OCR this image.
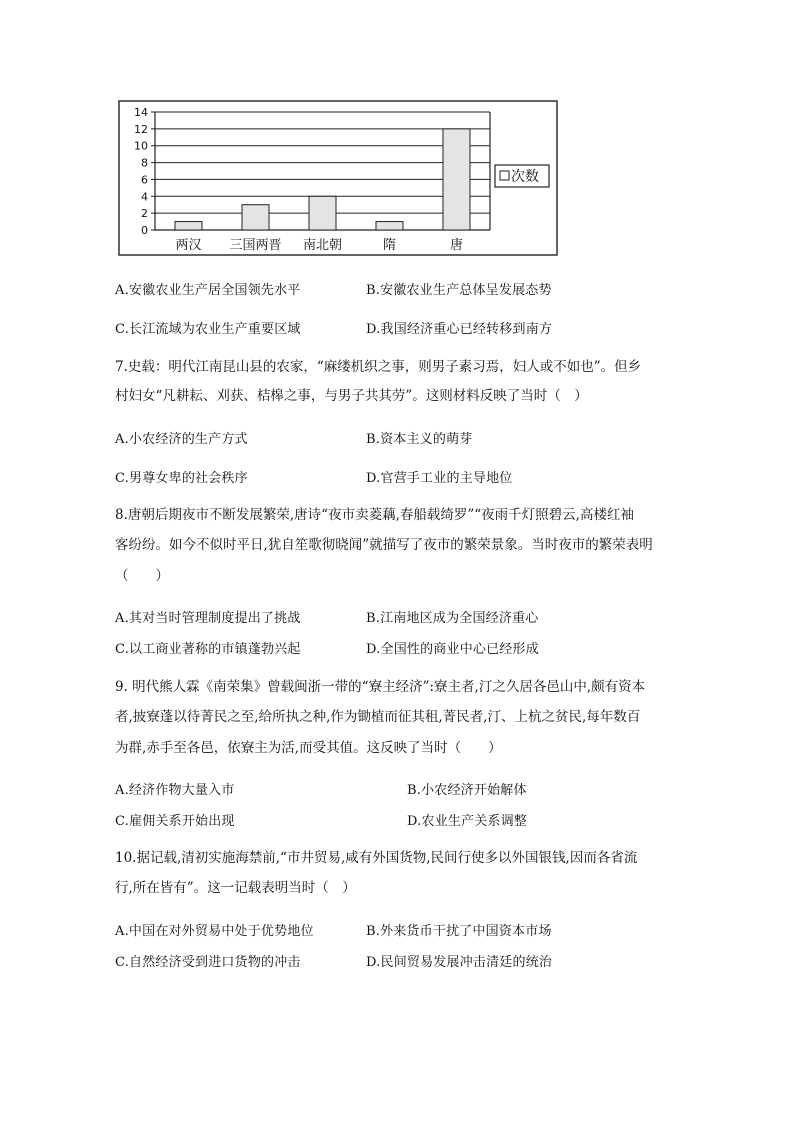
0
2
4
6
8
10
12
14
两汉 三国两晋 南北朝	隋	唐
次数
A.安徽农业生产居全国领先水平	B.安徽农业生产总体呈发展态势
C.长江流域为农业生产重要区域	D.我国经济重心已经转移到南方
7.史载：明代江南昆山县的农家，“麻缕机织之事，则男子素习焉，妇人或不如也”。但乡
村妇女“凡耕耘、刈获、桔槔之事，与男子共其劳”。这则材料反映了当时（　）
A.小农经济的生产方式	B.资本主义的萌芽
C.男尊女卑的社会秩序	D.官营手工业的主导地位
8.唐朝后期夜市不断发展繁荣,唐诗“夜市卖菱藕,春船载绮罗”“夜雨千灯照碧云,高楼红袖
客纷纷。如今不似时平日,犹自笙歌彻晓闻”就描写了夜市的繁荣景象。当时夜市的繁荣表明
（　　）
A.其对当时管理制度提出了挑战	B.江南地区成为全国经济重心
C.以工商业著称的市镇蓬勃兴起	D.全国性的商业中心已经形成
9. 明代熊人霖《南荣集》曾载闽浙一带的“寮主经济”:寮主者,汀之久居各邑山中,颇有资本
者,披寮蓬以待菁民之至,给所执之种,作为锄植而征其租,菁民者,汀、上杭之贫民,每年数百
为群,赤手至各邑，依寮主为活,而受其值。这反映了当时（　　）
A.经济作物大量入市	B.小农经济开始解体
C.雇佣关系开始出现	D.农业生产关系调整
10.据记载,清初实施海禁前,“市井贸易,咸有外国货物,民间行使多以外国银钱,因而各省流
行,所在皆有”。这一记载表明当时（　）
A.中国在对外贸易中处于优势地位	B.外来货币干扰了中国资本市场
C.自然经济受到进口货物的冲击	D.民间贸易发展冲击清廷的统治
